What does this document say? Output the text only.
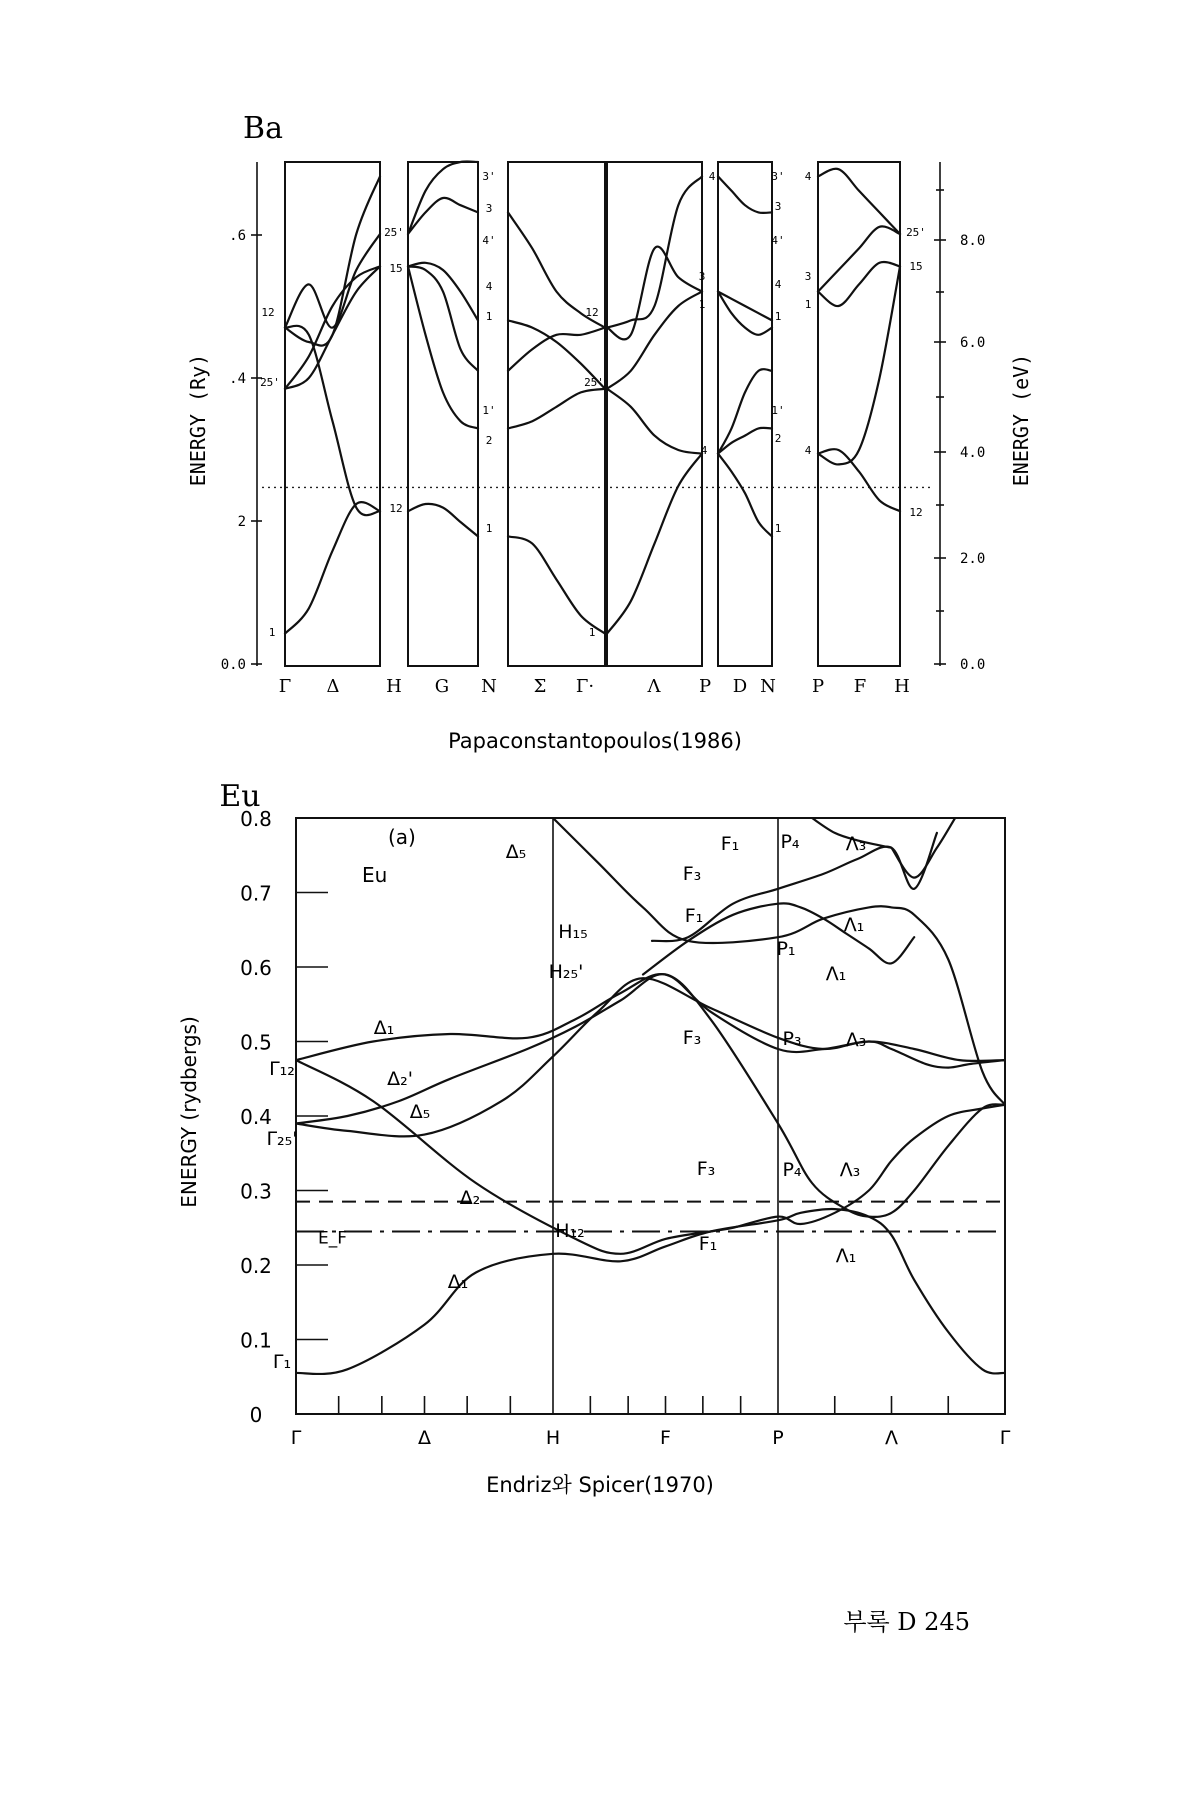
Ba
Papaconstantopoulos(1986)
ENERGY (Ry)	ENERGY (eV)
.6
.4
2
0.0
8.0
6.0
4.0
2.0
0.0
Γ Δ	H G N Σ Γ·	Λ P D N P F H
12
25'
1
25'
15
12
3'
3
4'
4
1
1'
2
1
12
25'
1
3
1
4
4	3'
3
4'
4
1
1'
2
1
4
3
1
4
25'
15
12
Eu
Endriz와 Spicer(1970)
ENERGY (rydbergs)
0
0.1
0.2
0.3
0.4
0.5
0.6
0.7
0.8
Γ	Δ	H	F	P	Λ	Γ
E_F
(a)
Eu
Δ₅
Δ₁
Δ₂'
Δ₅
Δ₂
Δ₁
Γ₁₂
Γ₂₅'
Γ₁
H₁₅
H₂₅'
H₁₂
F₁
F₃
F₁
F₃
F₃
F₁
P₄
P₁
P₃
P₄
Λ₃
Λ₁
Λ₁
Λ₃
Λ₃
Λ₁
부록 D 245
